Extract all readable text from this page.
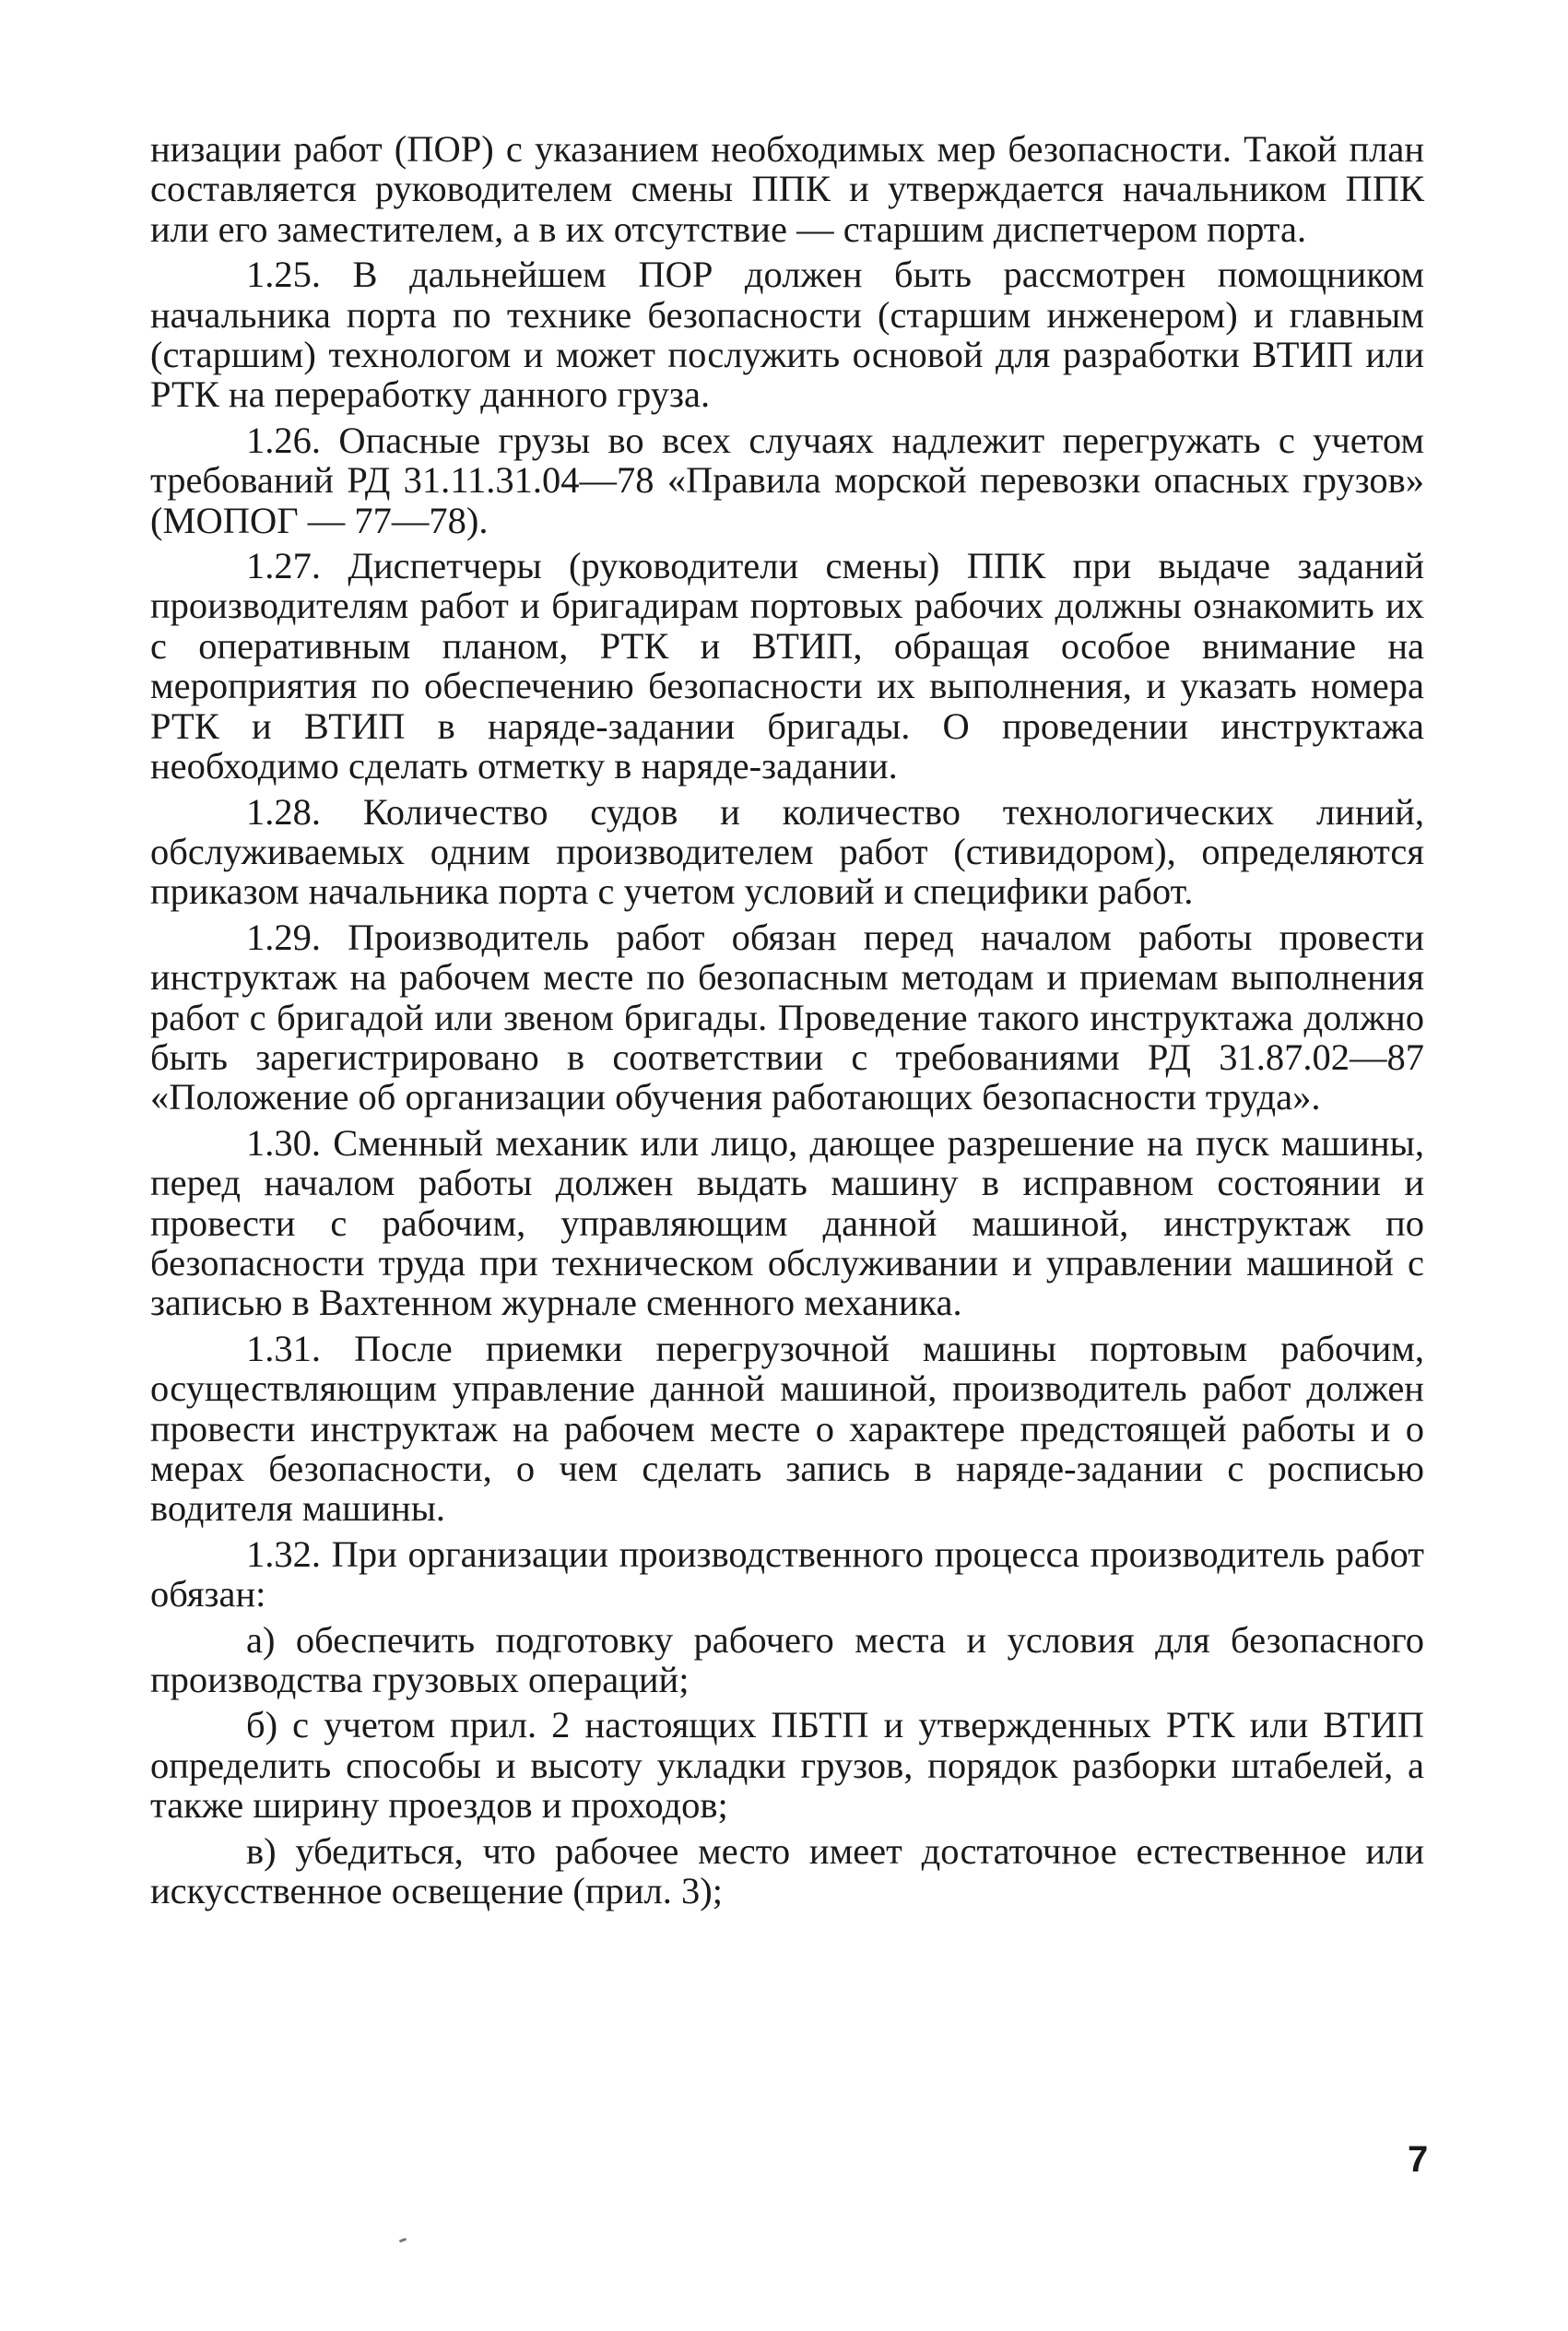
низации работ (ПОР) с указанием необходимых мер безопасности. Такой план составляется руководителем смены ППК и утверждается начальником ППК или его заместителем, а в их отсутствие — старшим диспетчером порта.

1.25. В дальнейшем ПОР должен быть рассмотрен помощником начальника порта по технике безопасности (старшим инженером) и главным (старшим) технологом и может послужить основой для разработки ВТИП или РТК на переработку данного груза.

1.26. Опасные грузы во всех случаях надлежит перегружать с учетом требований РД 31.11.31.04—78 «Правила морской перевозки опасных грузов» (МОПОГ — 77—78).

1.27. Диспетчеры (руководители смены) ППК при выдаче заданий производителям работ и бригадирам портовых рабочих должны ознакомить их с оперативным планом, РТК и ВТИП, обращая особое внимание на мероприятия по обеспечению безопасности их выполнения, и указать номера РТК и ВТИП в наряде-задании бригады. О проведении инструктажа необходимо сделать отметку в наряде-задании.

1.28. Количество судов и количество технологических линий, обслуживаемых одним производителем работ (стивидором), определяются приказом начальника порта с учетом условий и специфики работ.

1.29. Производитель работ обязан перед началом работы провести инструктаж на рабочем месте по безопасным методам и приемам выполнения работ с бригадой или звеном бригады. Проведение такого инструктажа должно быть зарегистрировано в соответствии с требованиями РД 31.87.02—87 «Положение об организации обучения работающих безопасности труда».

1.30. Сменный механик или лицо, дающее разрешение на пуск машины, перед началом работы должен выдать машину в исправном состоянии и провести с рабочим, управляющим данной машиной, инструктаж по безопасности труда при техническом обслуживании и управлении машиной с записью в Вахтенном журнале сменного механика.

1.31. После приемки перегрузочной машины портовым рабочим, осуществляющим управление данной машиной, производитель работ должен провести инструктаж на рабочем месте о характере предстоящей работы и о мерах безопасности, о чем сделать запись в наряде-задании с росписью водителя машины.

1.32. При организации производственного процесса производитель работ обязан:

а) обеспечить подготовку рабочего места и условия для безопасного производства грузовых операций;

б) с учетом прил. 2 настоящих ПБТП и утвержденных РТК или ВТИП определить способы и высоту укладки грузов, порядок разборки штабелей, а также ширину проездов и проходов;

в) убедиться, что рабочее место имеет достаточное естественное или искусственное освещение (прил. 3);

7
